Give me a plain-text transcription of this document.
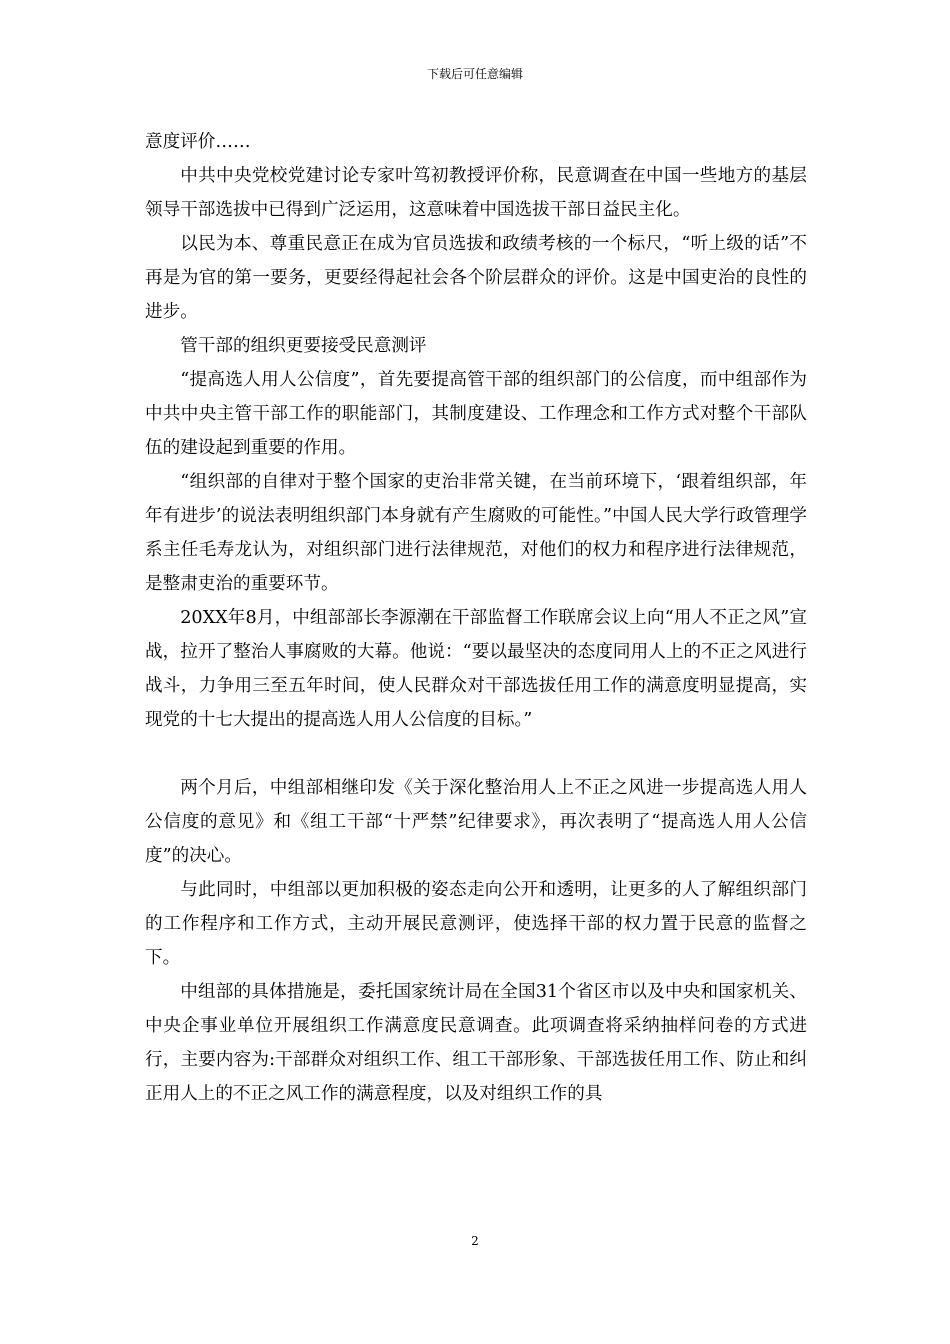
下载后可任意编辑

意度评价……

中共中央党校党建讨论专家叶笃初教授评价称，民意调查在中国一些地方的基层领导干部选拔中已得到广泛运用，这意味着中国选拔干部日益民主化。

以民为本、尊重民意正在成为官员选拔和政绩考核的一个标尺，“听上级的话”不再是为官的第一要务，更要经得起社会各个阶层群众的评价。这是中国吏治的良性的进步。

管干部的组织更要接受民意测评

“提高选人用人公信度”，首先要提高管干部的组织部门的公信度，而中组部作为中共中央主管干部工作的职能部门，其制度建设、工作理念和工作方式对整个干部队伍的建设起到重要的作用。

“组织部的自律对于整个国家的吏治非常关键，在当前环境下，‘跟着组织部，年年有进步’的说法表明组织部门本身就有产生腐败的可能性。”中国人民大学行政管理学系主任毛寿龙认为，对组织部门进行法律规范，对他们的权力和程序进行法律规范，是整肃吏治的重要环节。

20XX年8月，中组部部长李源潮在干部监督工作联席会议上向“用人不正之风”宣战，拉开了整治人事腐败的大幕。他说：“要以最坚决的态度同用人上的不正之风进行战斗，力争用三至五年时间，使人民群众对干部选拔任用工作的满意度明显提高，实现党的十七大提出的提高选人用人公信度的目标。”

两个月后，中组部相继印发《关于深化整治用人上不正之风进一步提高选人用人公信度的意见》和《组工干部“十严禁”纪律要求》，再次表明了“提高选人用人公信度”的决心。

与此同时，中组部以更加积极的姿态走向公开和透明，让更多的人了解组织部门的工作程序和工作方式，主动开展民意测评，使选择干部的权力置于民意的监督之下。

中组部的具体措施是，委托国家统计局在全国31个省区市以及中央和国家机关、中央企事业单位开展组织工作满意度民意调查。此项调查将采纳抽样问卷的方式进行，主要内容为:干部群众对组织工作、组工干部形象、干部选拔任用工作、防止和纠正用人上的不正之风工作的满意程度，以及对组织工作的具

2
